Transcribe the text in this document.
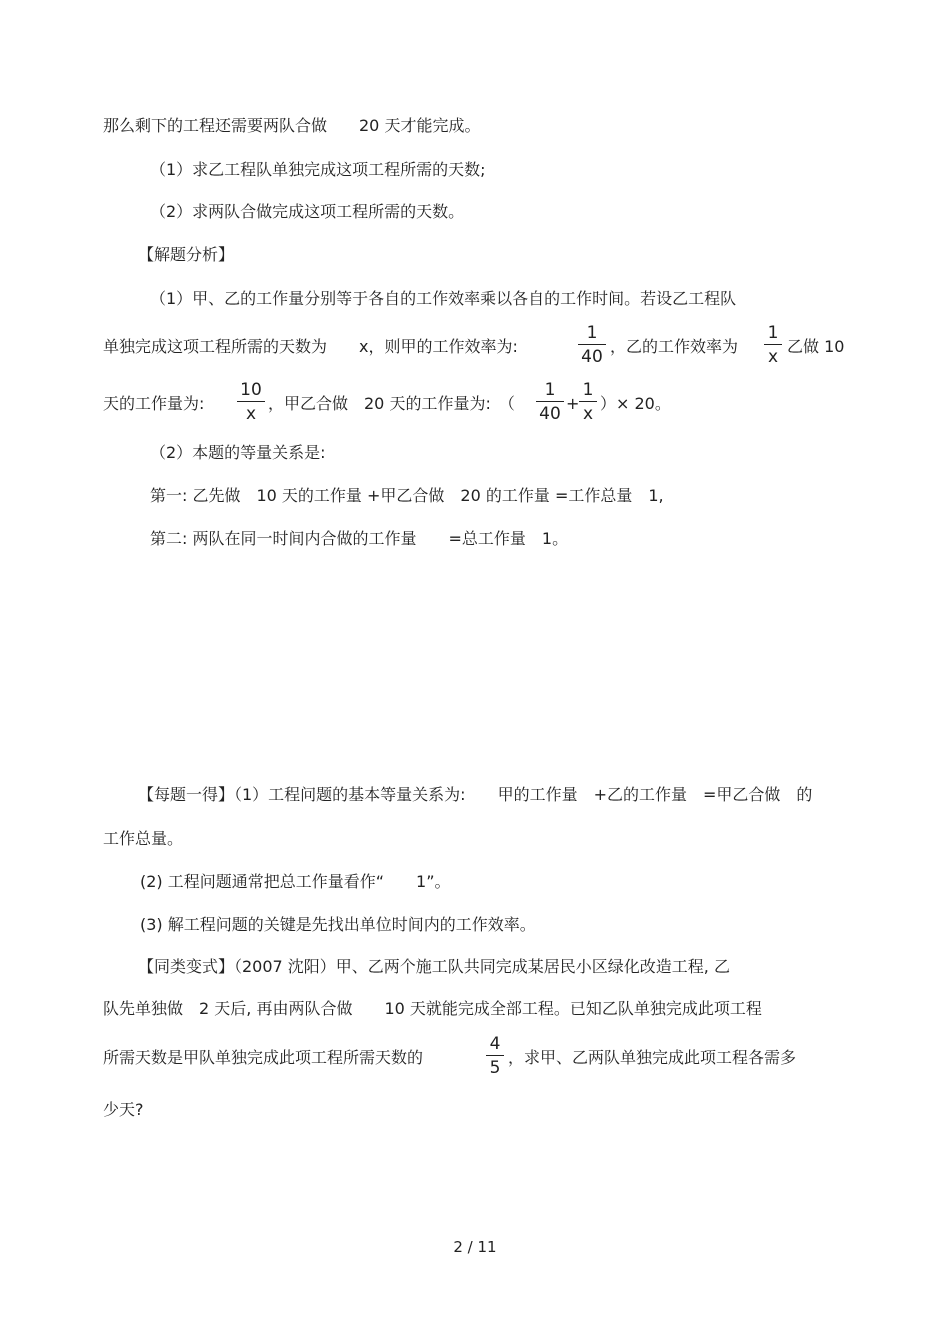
那么剩下的工程还需要两队合做　　20 天才能完成。
（1）求乙工程队单独完成这项工程所需的天数;
（2）求两队合做完成这项工程所需的天数。
【解题分析】
（1）甲、乙的工作量分别等于各自的工作效率乘以各自的工作时间。若设乙工程队
单独完成这项工程所需的天数为　　x，则甲的工作效率为:
1
40
，乙的工作效率为
1
x
乙做 10
天的工作量为:
10
x
，甲乙合做　20 天的工作量为:　（
1
40
+
1
x
）× 20。
（2）本题的等量关系是:
第一: 乙先做　10 天的工作量 +甲乙合做　20 的工作量 =工作总量　1,
第二: 两队在同一时间内合做的工作量　　=总工作量　1。
【每题一得】（1）工程问题的基本等量关系为:　　甲的工作量　+乙的工作量　=甲乙合做　的
工作总量。
(2) 工程问题通常把总工作量看作“　　1”。
(3) 解工程问题的关键是先找出单位时间内的工作效率。
【同类变式】（2007 沈阳）甲、乙两个施工队共同完成某居民小区绿化改造工程, 乙
队先单独做　2 天后, 再由两队合做　　10 天就能完成全部工程。已知乙队单独完成此项工程
所需天数是甲队单独完成此项工程所需天数的
4
5
，求甲、乙两队单独完成此项工程各需多
少天?
2 / 11
